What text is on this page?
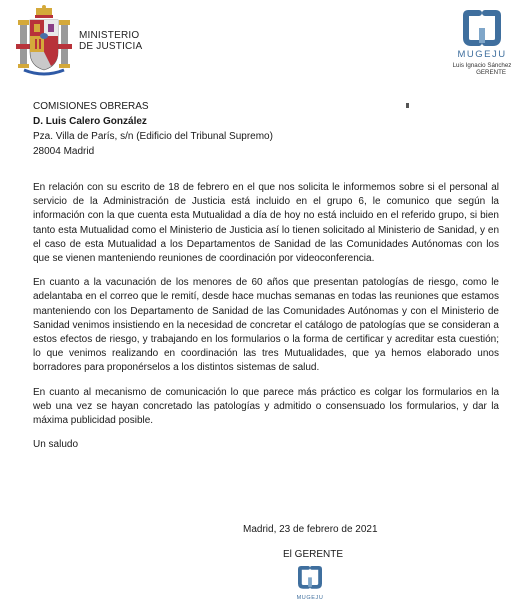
MINISTERIO
DE JUSTICIA
MUGEJU
Luis Ignacio Sánchez
GERENTE
COMISIONES OBRERAS
D. Luis Calero González
Pza. Villa de París, s/n (Edificio del Tribunal Supremo)
28004 Madrid

En relación con su escrito de 18 de febrero en el que nos solicita le informemos sobre si el personal al servicio de la Administración de Justicia está incluido en el grupo 6, le comunico que según la información con la que cuenta esta Mutualidad a día de hoy no está incluido en el referido grupo, si bien tanto esta Mutualidad como el Ministerio de Justicia así lo tienen solicitado al Ministerio de Sanidad, y en el caso de esta Mutualidad a los Departamentos de Sanidad de las Comunidades Autónomas con los que se vienen manteniendo reuniones de coordinación por videoconferencia.

En cuanto a la vacunación de los menores de 60 años que presentan patologías de riesgo, como le adelantaba en el correo que le remití, desde hace muchas semanas en todas las reuniones que estamos manteniendo con los Departamento de Sanidad de las Comunidades Autónomas y con el Ministerio de Sanidad venimos insistiendo en la necesidad de concretar el catálogo de patologías que se consideran a estos efectos de riesgo, y trabajando en los formularios o la forma de certificar y acreditar esta cuestión; lo que venimos realizando en coordinación las tres Mutualidades, que ya hemos elaborado unos borradores para proponérselos a los distintos sistemas de salud.

En cuanto al mecanismo de comunicación lo que parece más práctico es colgar los formularios en la web una vez se hayan concretado las patologías y admitido o consensuado los formularios, y dar la máxima publicidad posible.

Un saludo

Madrid, 23 de febrero de 2021
El GERENTE
MUGEJU
